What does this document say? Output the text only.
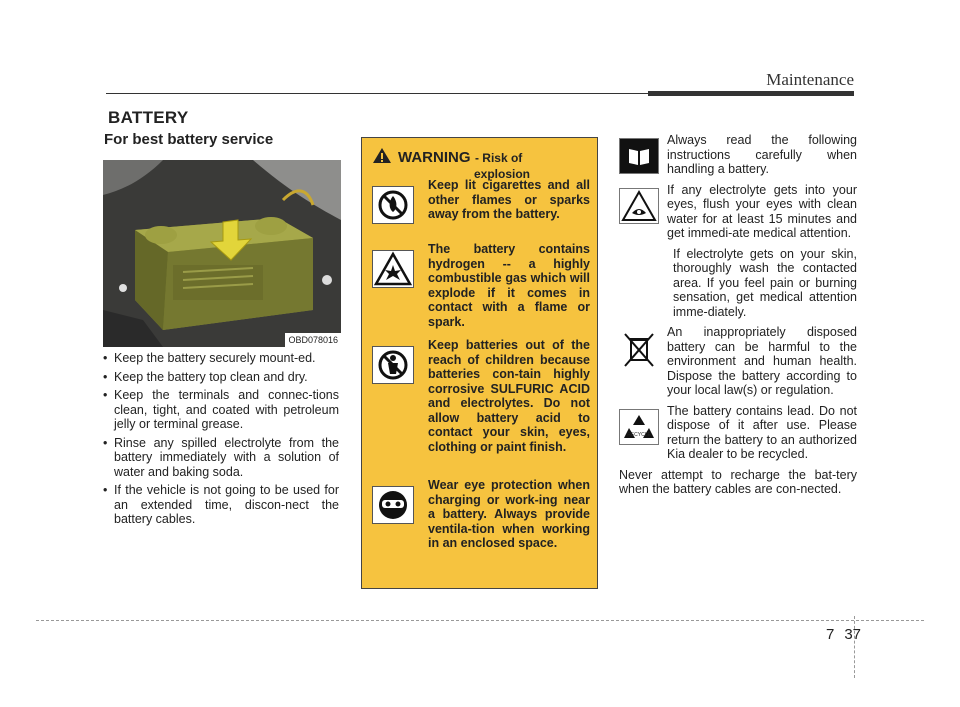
Maintenance
BATTERY
For best battery service
OBD078016
• Keep the battery securely mount-ed.
• Keep the battery top clean and dry.
• Keep the terminals and connec-tions clean, tight, and coated with petroleum jelly or terminal grease.
• Rinse any spilled electrolyte from the battery immediately with a solution of water and baking soda.
• If the vehicle is not going to be used for an extended time, discon-nect the battery cables.
WARNING - Risk of
explosion
Keep lit cigarettes and all other flames or sparks away from the battery.
The battery contains hydrogen -- a highly combustible gas which will explode if it comes in contact with a flame or spark.
Keep batteries out of the reach of children because batteries con-tain highly corrosive SULFURIC ACID and electrolytes. Do not allow battery acid to contact your skin, eyes, clothing or paint finish.
Wear eye protection when charging or work-ing near a battery. Always provide ventila-tion when working in an enclosed space.
Always read the following instructions carefully when handling a battery.
If any electrolyte gets into your eyes, flush your eyes with clean water for at least 15 minutes and get immedi-ate medical attention.
If electrolyte gets on your skin, thoroughly wash the contacted area. If you feel pain or burning sensation, get medical attention imme-diately.
An inappropriately disposed battery can be harmful to the environment and human health. Dispose the battery according to your local law(s) or regulation.
RECYCLE
The battery contains lead. Do not dispose of it after use. Please return the battery to an authorized Kia dealer to be recycled.
Never attempt to recharge the bat-tery when the battery cables are con-nected.
7 37
